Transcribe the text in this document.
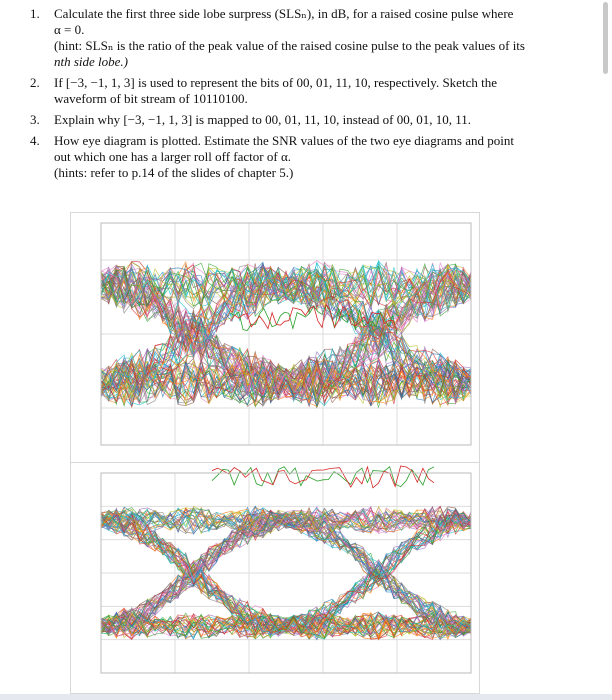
1.	Calculate the first three side lobe surpress (SLSₙ), in dB, for a raised cosine pulse where
α = 0.
(hint: SLSₙ is the ratio of the peak value of the raised cosine pulse to the peak values of its
nth side lobe.)
2.	If [−3, −1, 1, 3] is used to represent the bits of 00, 01, 11, 10, respectively. Sketch the
waveform of bit stream of 10110100.
3.	Explain why [−3, −1, 1, 3] is mapped to 00, 01, 11, 10, instead of 00, 01, 10, 11.
4.	How eye diagram is plotted. Estimate the SNR values of the two eye diagrams and point
out which one has a larger roll off factor of α.
(hints: refer to p.14 of the slides of chapter 5.)
